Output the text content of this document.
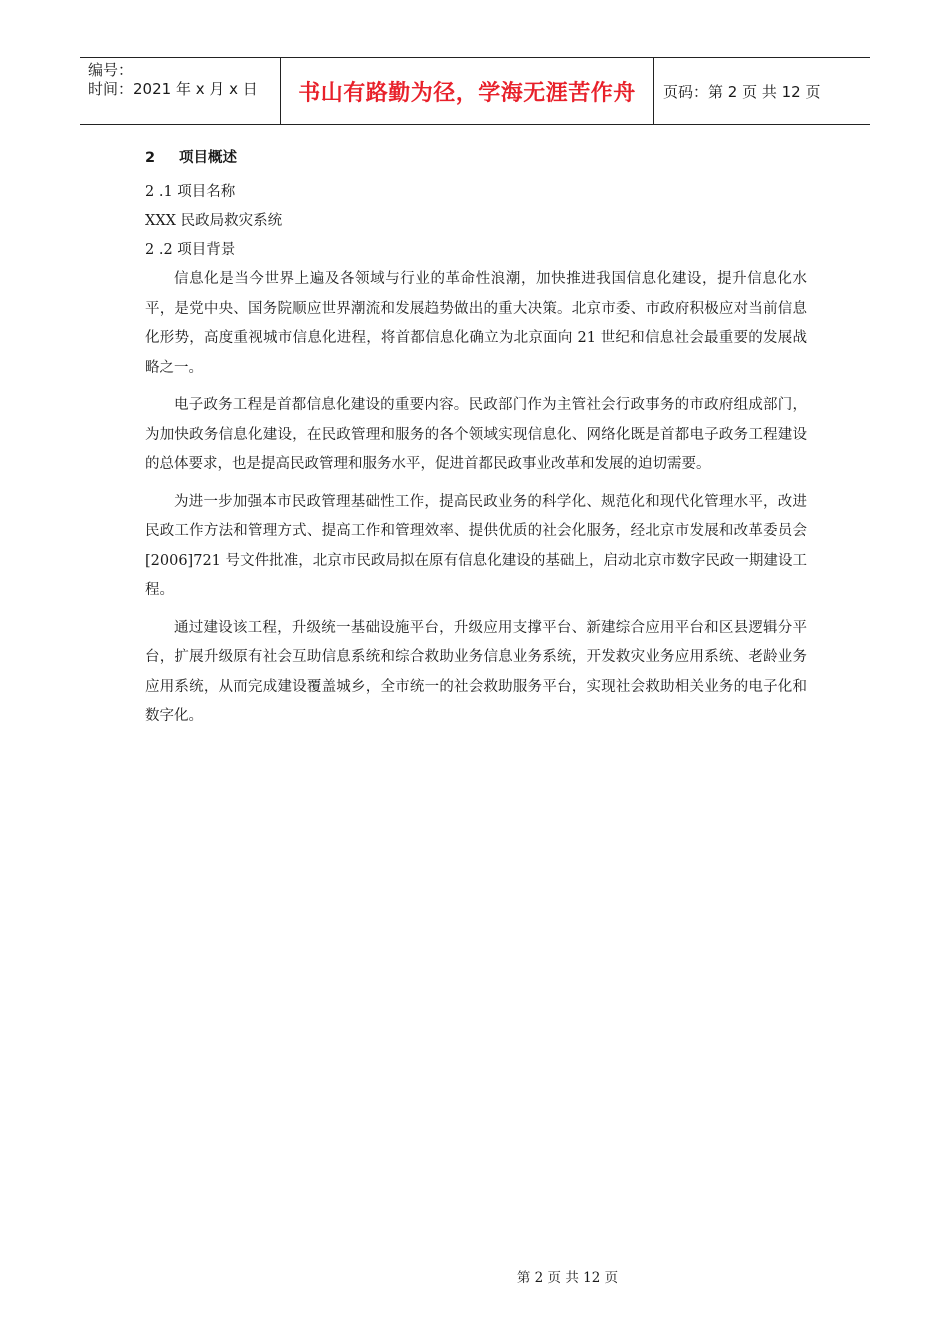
编号：
时间：2021 年 x 月 x 日	书山有路勤为径，学海无涯苦作舟	页码：第 2 页 共 12 页
2 项目概述
2 .1 项目名称
XXX 民政局救灾系统
2 .2 项目背景

信息化是当今世界上遍及各领域与行业的革命性浪潮，加快推进我国信息化建设，提升信息化水平，是党中央、国务院顺应世界潮流和发展趋势做出的重大决策。北京市委、市政府积极应对当前信息化形势，高度重视城市信息化进程，将首都信息化确立为北京面向 21 世纪和信息社会最重要的发展战略之一。

电子政务工程是首都信息化建设的重要内容。民政部门作为主管社会行政事务的市政府组成部门，为加快政务信息化建设，在民政管理和服务的各个领域实现信息化、网络化既是首都电子政务工程建设的总体要求，也是提高民政管理和服务水平，促进首都民政事业改革和发展的迫切需要。

为进一步加强本市民政管理基础性工作，提高民政业务的科学化、规范化和现代化管理水平，改进民政工作方法和管理方式、提高工作和管理效率、提供优质的社会化服务，经北京市发展和改革委员会[2006]721 号文件批准，北京市民政局拟在原有信息化建设的基础上，启动北京市数字民政一期建设工程。

通过建设该工程，升级统一基础设施平台，升级应用支撑平台、新建综合应用平台和区县逻辑分平台，扩展升级原有社会互助信息系统和综合救助业务信息业务系统，开发救灾业务应用系统、老龄业务应用系统，从而完成建设覆盖城乡，全市统一的社会救助服务平台，实现社会救助相关业务的电子化和数字化。

第 2 页 共 12 页
